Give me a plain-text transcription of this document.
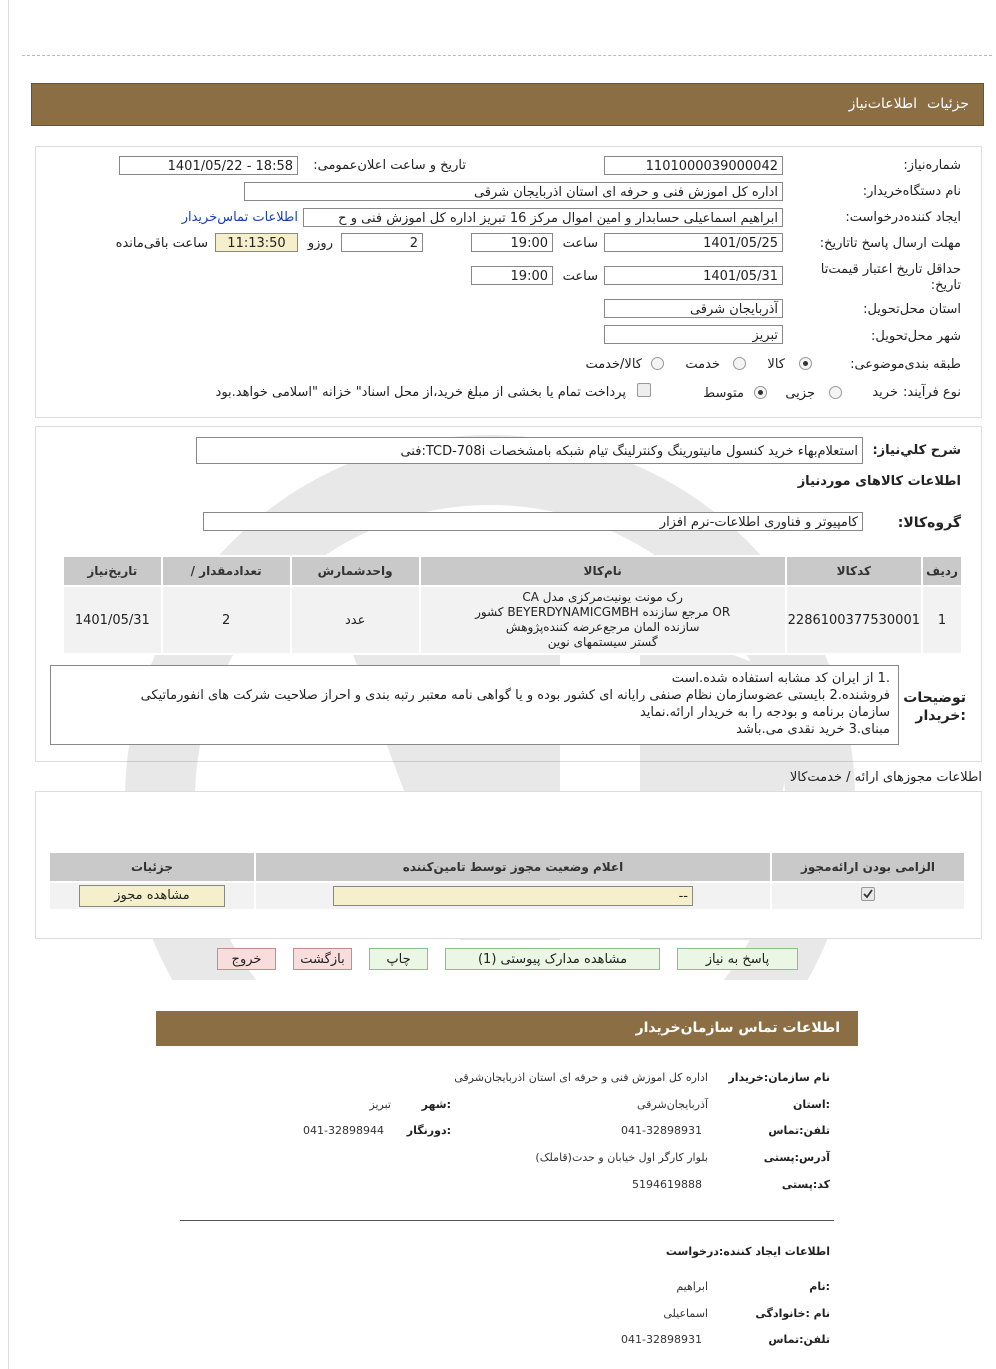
جزئیات
اطلاعات‌نیاز
شماره‌نیاز:
1101000039000042
تاریخ و ساعت اعلان‌عمومی:
1401/05/22 - 18:58
نام دستگاه‌خریدار:
اداره کل اموزش فنی و حرفه ای استان اذربایجان شرقی
ایجاد کننده‌درخواست:
ابراهیم اسماعیلی حسابدار و امین اموال مرکز 16 تبریز اداره کل اموزش فنی و ح
اطلاعات تماس‌خریدار
مهلت ارسال پاسخ تا‌تاریخ:
1401/05/25
ساعت
19:00
2
روزو
11:13:50
ساعت باقی‌مانده
حداقل تاریخ اعتبار قیمت‌تا
تاریخ:
1401/05/31
ساعت
19:00
استان محل‌تحویل:
آذربایجان شرقی
شهر محل‌تحویل:
تبریز
طبقه بندی‌موضوعی:
کالا
خدمت
کالا/خدمت
نوع فرآیند:
خرید
جزیی
متوسط
پرداخت تمام یا بخشی از مبلغ خرید،از محل اسناد" خزانه "اسلامی خواهد.بود
شرح کلي‌نياز:
استعلام‌بهاء خرید کنسول مانیتورینگ وکنترلینگ تیام شبکه بامشخصات TCD-708i:فنی
اطلاعات کالاهای موردنیاز
گروه‌کالا:
کامپیوتر و فناوری اطلاعات-نرم افزار
ردیف	کدکالا	نام‌کالا	واحدشمارش	تعدادمقدار /	تاریخ‌نیاز
1	2286100377530001	رک مونت یونیت‌مرکزی مدل CA
OR مرجع سازنده BEYERDYNAMICGMBH کشور
سازنده المان مرجع‌عرضه کننده‌پژوهش
گستر سیستمهای نوین	عدد	2	1401/05/31
توضیحات
:خریدار
.1 از ایران کد مشابه استفاده شده.است
فروشنده.2 بایستی عضوسازمان نظام صنفی رایانه ای کشور بوده و یا گواهی نامه معتبر رتبه بندی و احراز صلاحیت شرکت های انفورماتیکی
سازمان برنامه و بودجه را به خریدار ارائه.نماید
مبنای.3 خرید نقدی می.باشد
اطلاعات مجوزهای ارائه / خدمت‌کالا
الزامی بودن ارائه‌مجوز	اعلام وضعیت مجوز توسط تامین‌کننده	جزئیات

--	مشاهده مجوز
پاسخ به نیاز
مشاهده مدارک پیوستی (1)
چاپ
بازگشت
خروج
اطلاعات تماس سازمان‌خریدار
نام سازمان‌:خریدار
اداره کل اموزش فنی و حرفه ای استان اذربایجان‌شرقی
:استان
آذربایجان‌شرقی
:شهر
تبریز
تلفن‌:تماس
041-32898931
:دورنگار
041-32898944
آدرس‌:پستی
بلوار کارگر اول خیابان و حدت(قاملک)
کد‌:پستی
5194619888
اطلاعات ایجاد کننده‌:درخواست
:نام
ابراهیم
نام :خانوادگی
اسماعیلی
تلفن‌:تماس
041-32898931
